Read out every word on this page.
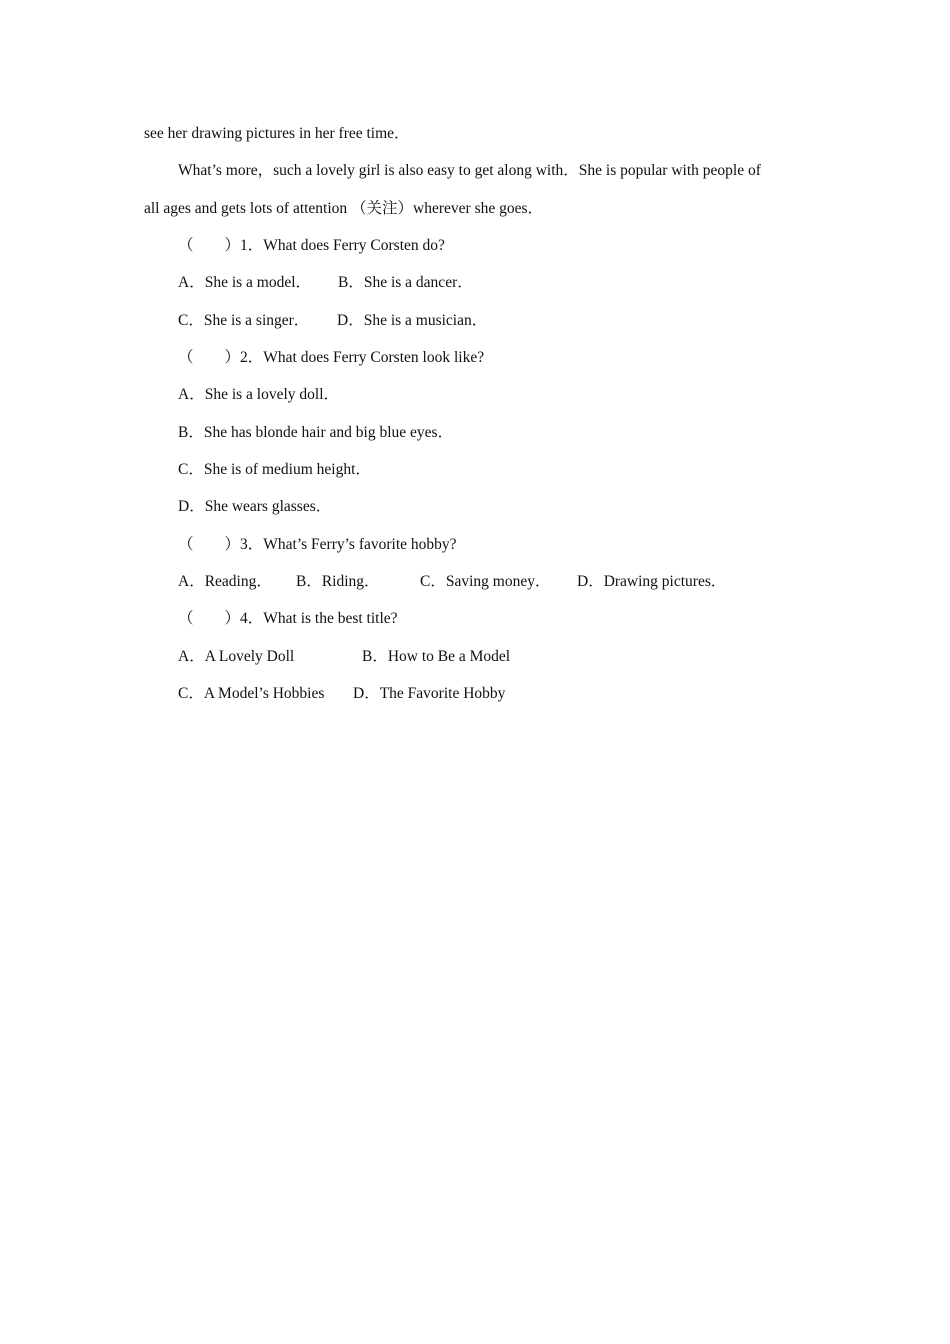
see her drawing pictures in her free time．
What’s more，such a lovely girl is also easy to get along with．She is popular with people of
all ages and gets lots of attention （关注）wherever she goes．
（　　）1．What does Ferry Corsten do?
A．She is a model． B．She is a dancer．
C．She is a singer． D．She is a musician．
（　　）2．What does Ferry Corsten look like?
A．She is a lovely doll．
B．She has blonde hair and big blue eyes．
C．She is of medium height．
D．She wears glasses．
（　　）3．What’s Ferry’s favorite hobby?
A．Reading． B．Riding．	C．Saving money． D．Drawing pictures．
（　　）4．What is the best title?
A．A Lovely Doll	B．How to Be a Model
C．A Model’s Hobbies D．The Favorite Hobby
